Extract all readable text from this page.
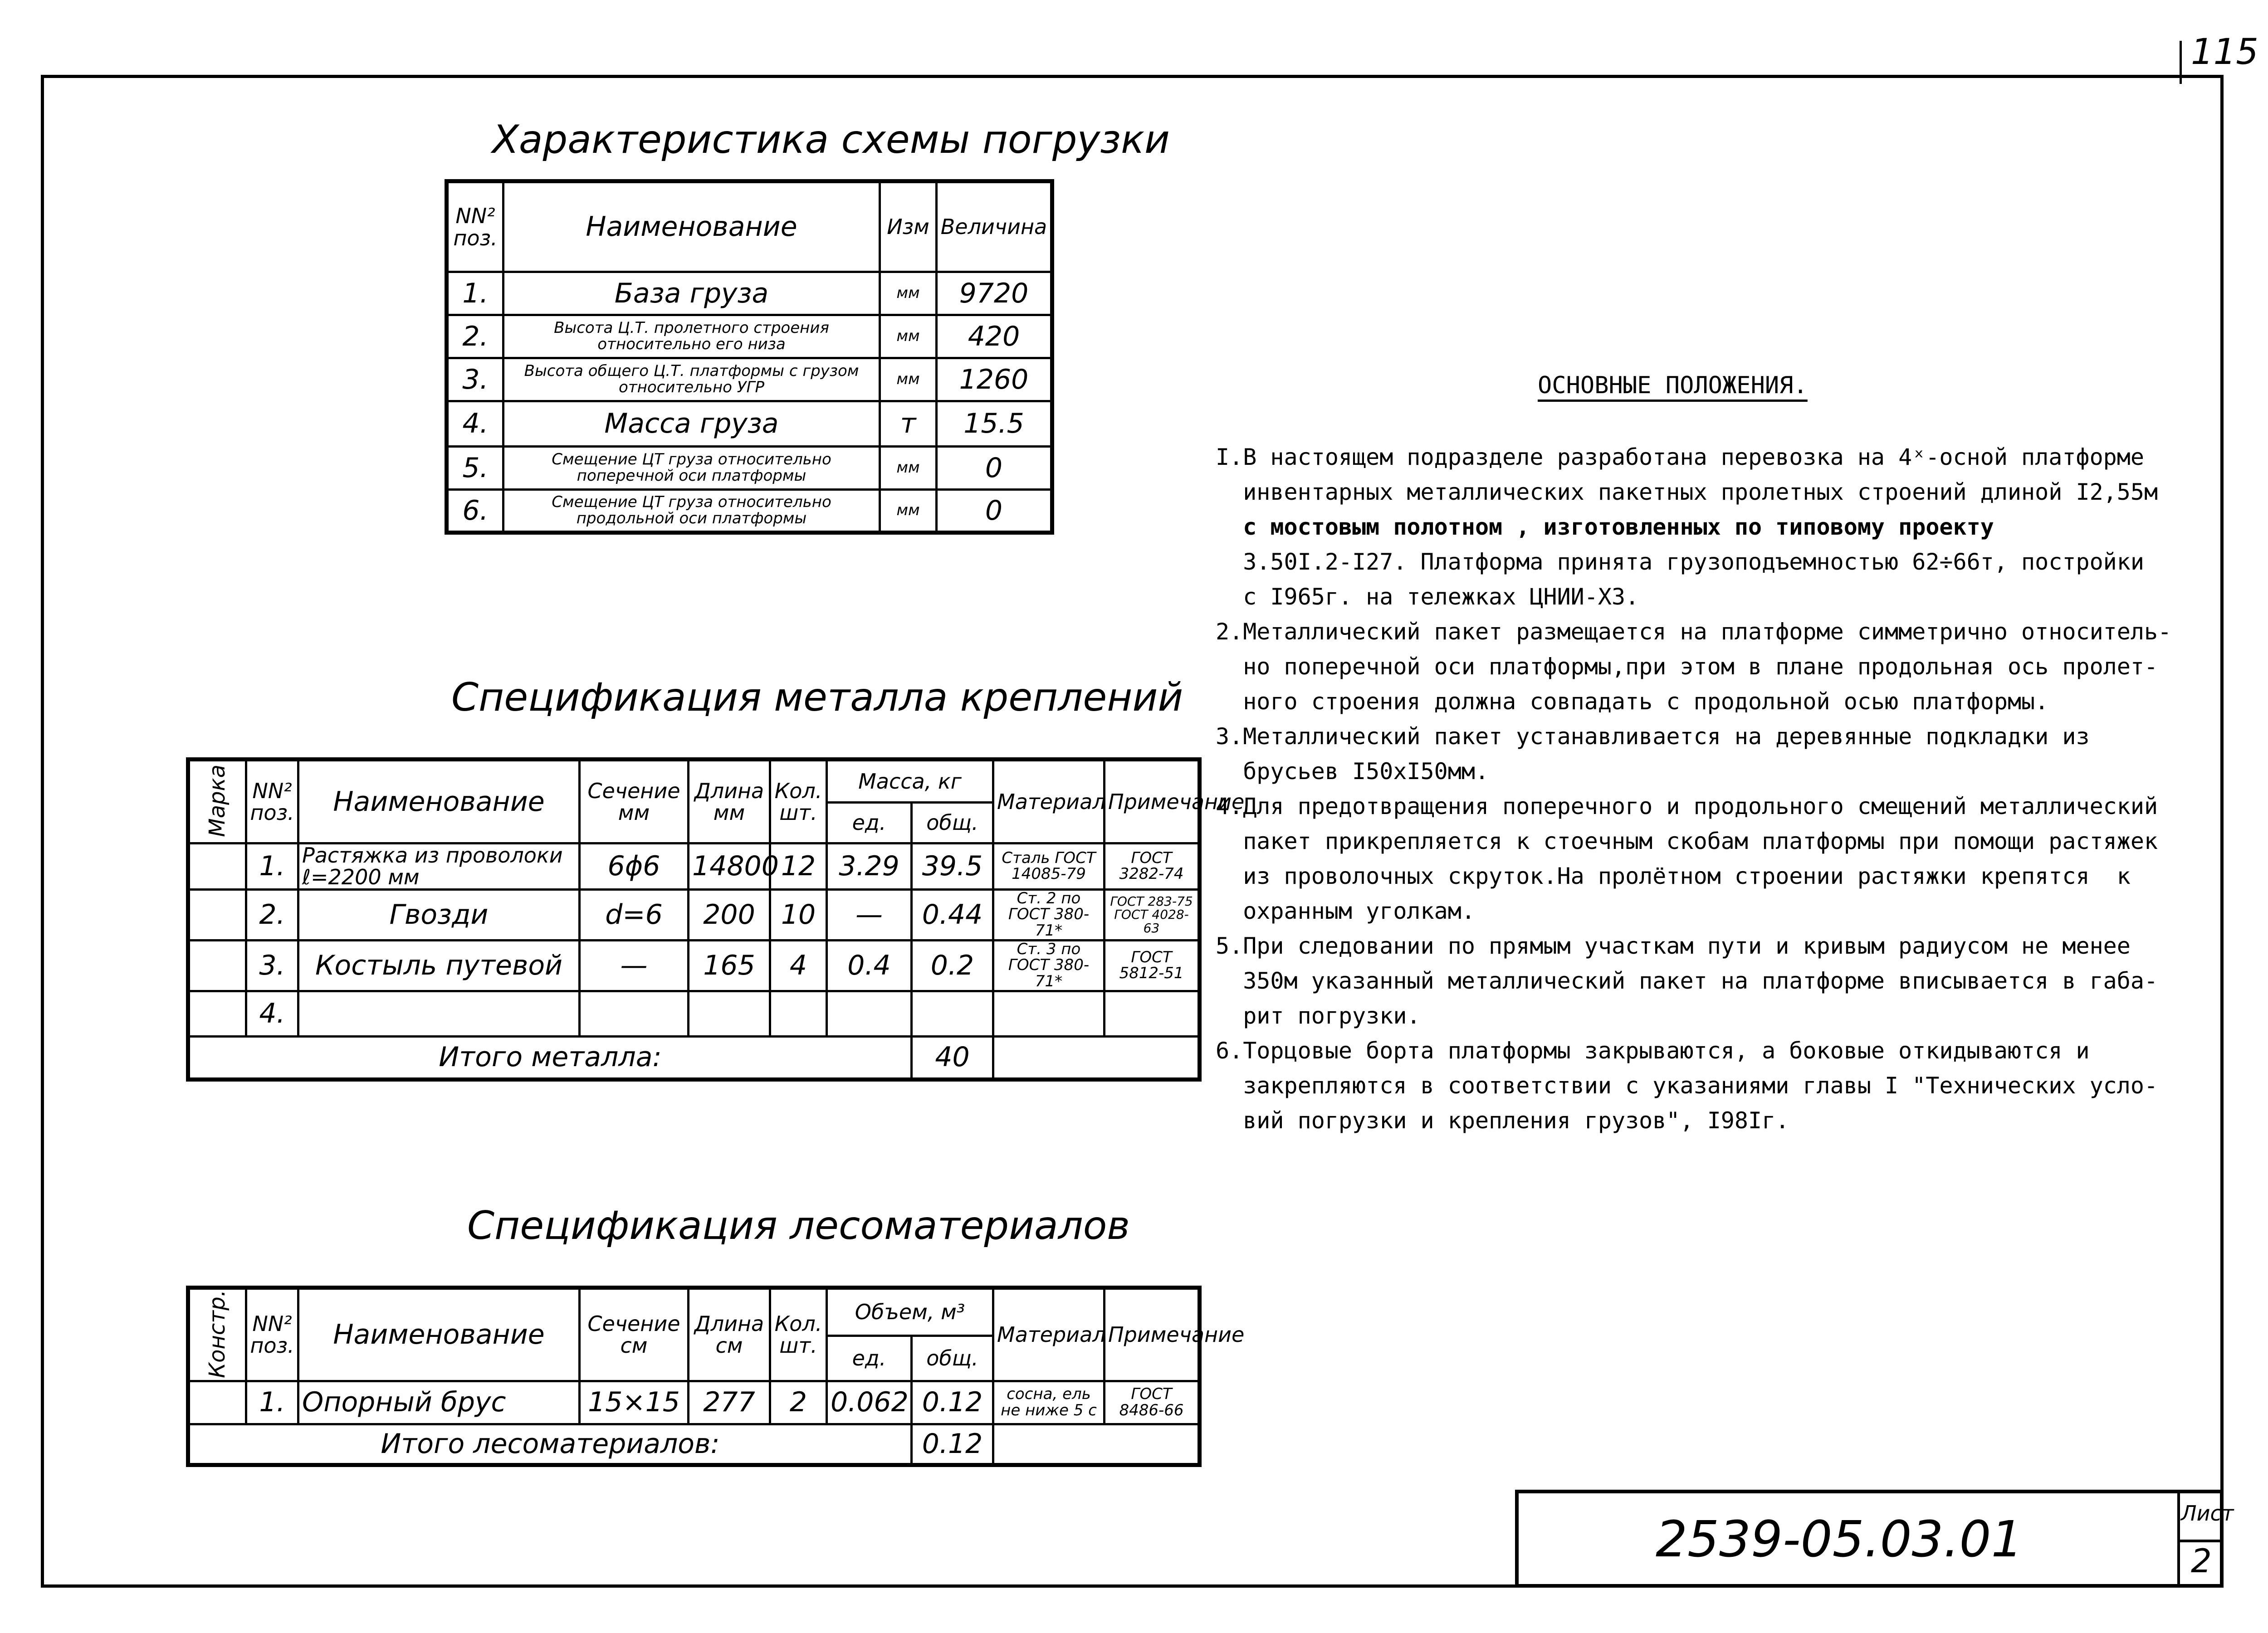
115
Характеристика схемы погрузки
NN² поз.	Наименование	Изм	Величина
1.	База груза	мм	9720
2.	Высота Ц.Т. пролетного строения относительно его низа	мм	420
3.	Высота общего Ц.Т. платформы с грузом относительно УГР	мм	1260
4.	Масса груза	т	15.5
5.	Смещение ЦТ груза относительно поперечной оси платформы	мм	0
6.	Смещение ЦТ груза относительно продольной оси платформы	мм	0
Спецификация металла креплений
Марка	NN² поз.	Наименование	Сечение мм	Длина мм	Кол. шт.	Масса, кг		Материал	Примечание
						ед.	общ.		
	1.	Растяжка из проволоки ℓ=2200 мм	6ϕ6	14800	12	3.29	39.5	Сталь ГОСТ 14085-79	ГОСТ 3282-74
	2.	Гвозди	d=6	200	10	—	0.44	Ст. 2 по ГОСТ 380-71*	ГОСТ 283-75 ГОСТ 4028-63
	3.	Костыль путевой	—	165	4	0.4	0.2	Ст. 3 по ГОСТ 380-71*	ГОСТ 5812-51
	4.								
Итого металла:							40		
Спецификация лесоматериалов
Констр.	NN² поз.	Наименование	Сечение см	Длина см	Кол. шт.	Объем, м³		Материал	Примечание
						ед.	общ.		
	1.	Опорный брус	15×15	277	2	0.062	0.12	сосна, ель не ниже 5 с	ГОСТ 8486-66
Итого лесоматериалов:							0.12		
ОСНОВНЫЕ ПОЛОЖЕНИЯ.

I.В настоящем подразделе разработана перевозка на 4ˣ-осной платформе

инвентарных металлических пакетных пролетных строений длиной I2,55м

с мостовым полотном , изготовленных по типовому проекту

3.50I.2-I27. Платформа принята грузоподъемностью 62÷66т, постройки

с I965г. на тележках ЦНИИ-Х3.

2.Металлический пакет размещается на платформе симметрично относитель-

но поперечной оси платформы,при этом в плане продольная ось пролет-

ного строения должна совпадать с продольной осью платформы.

3.Металлический пакет устанавливается на деревянные подкладки из

брусьев I50xI50мм.

4.Для предотвращения поперечного и продольного смещений металлический

пакет прикрепляется к стоечным скобам платформы при помощи растяжек

из проволочных скруток.На пролётном строении растяжки крепятся  к

охранным уголкам.

5.При следовании по прямым участкам пути и кривым радиусом не менее

350м указанный металлический пакет на платформе вписывается в габа-

рит погрузки.

6.Торцовые борта платформы закрываются, а боковые откидываются и

закрепляются в соответствии с указаниями главы I "Технических усло-

вий погрузки и крепления грузов", I98Iг.

2539-05.03.01	Лист
2
